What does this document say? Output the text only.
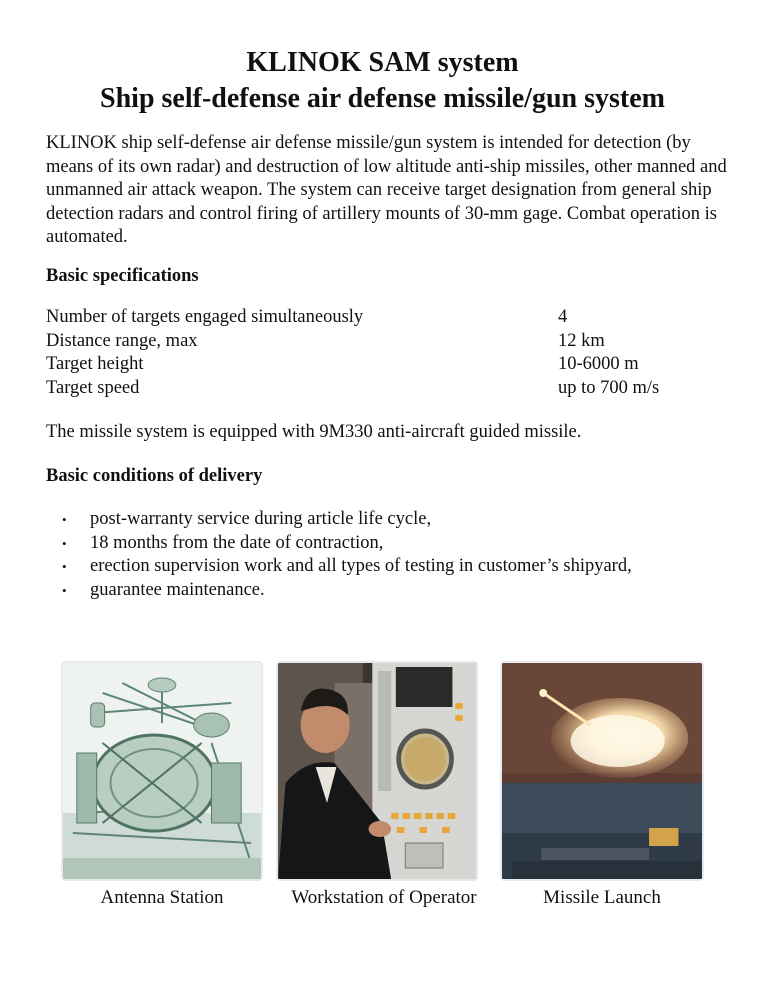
KLINOK SAM system
Ship self-defense air defense missile/gun system

KLINOK ship self-defense air defense missile/gun system is intended for detection (by means of its own radar) and destruction of low altitude anti-ship missiles, other manned and unmanned air attack weapon. The system can receive target designation from general ship detection radars and control firing of artillery mounts of 30-mm gage. Combat operation is automated.

Basic specifications
Number of targets engaged simultaneously	4
Distance range, max	12 km
Target height	10-6000 m
Target speed	up to 700 m/s

The missile system is equipped with 9M330 anti-aircraft guided missile.

Basic conditions of delivery
•	post-warranty service during article life cycle,
•	18 months from the date of contraction,
•	erection supervision work and all types of testing in customer’s shipyard,
•	guarantee maintenance.

Antenna Station	Workstation of Operator	Missile Launch
